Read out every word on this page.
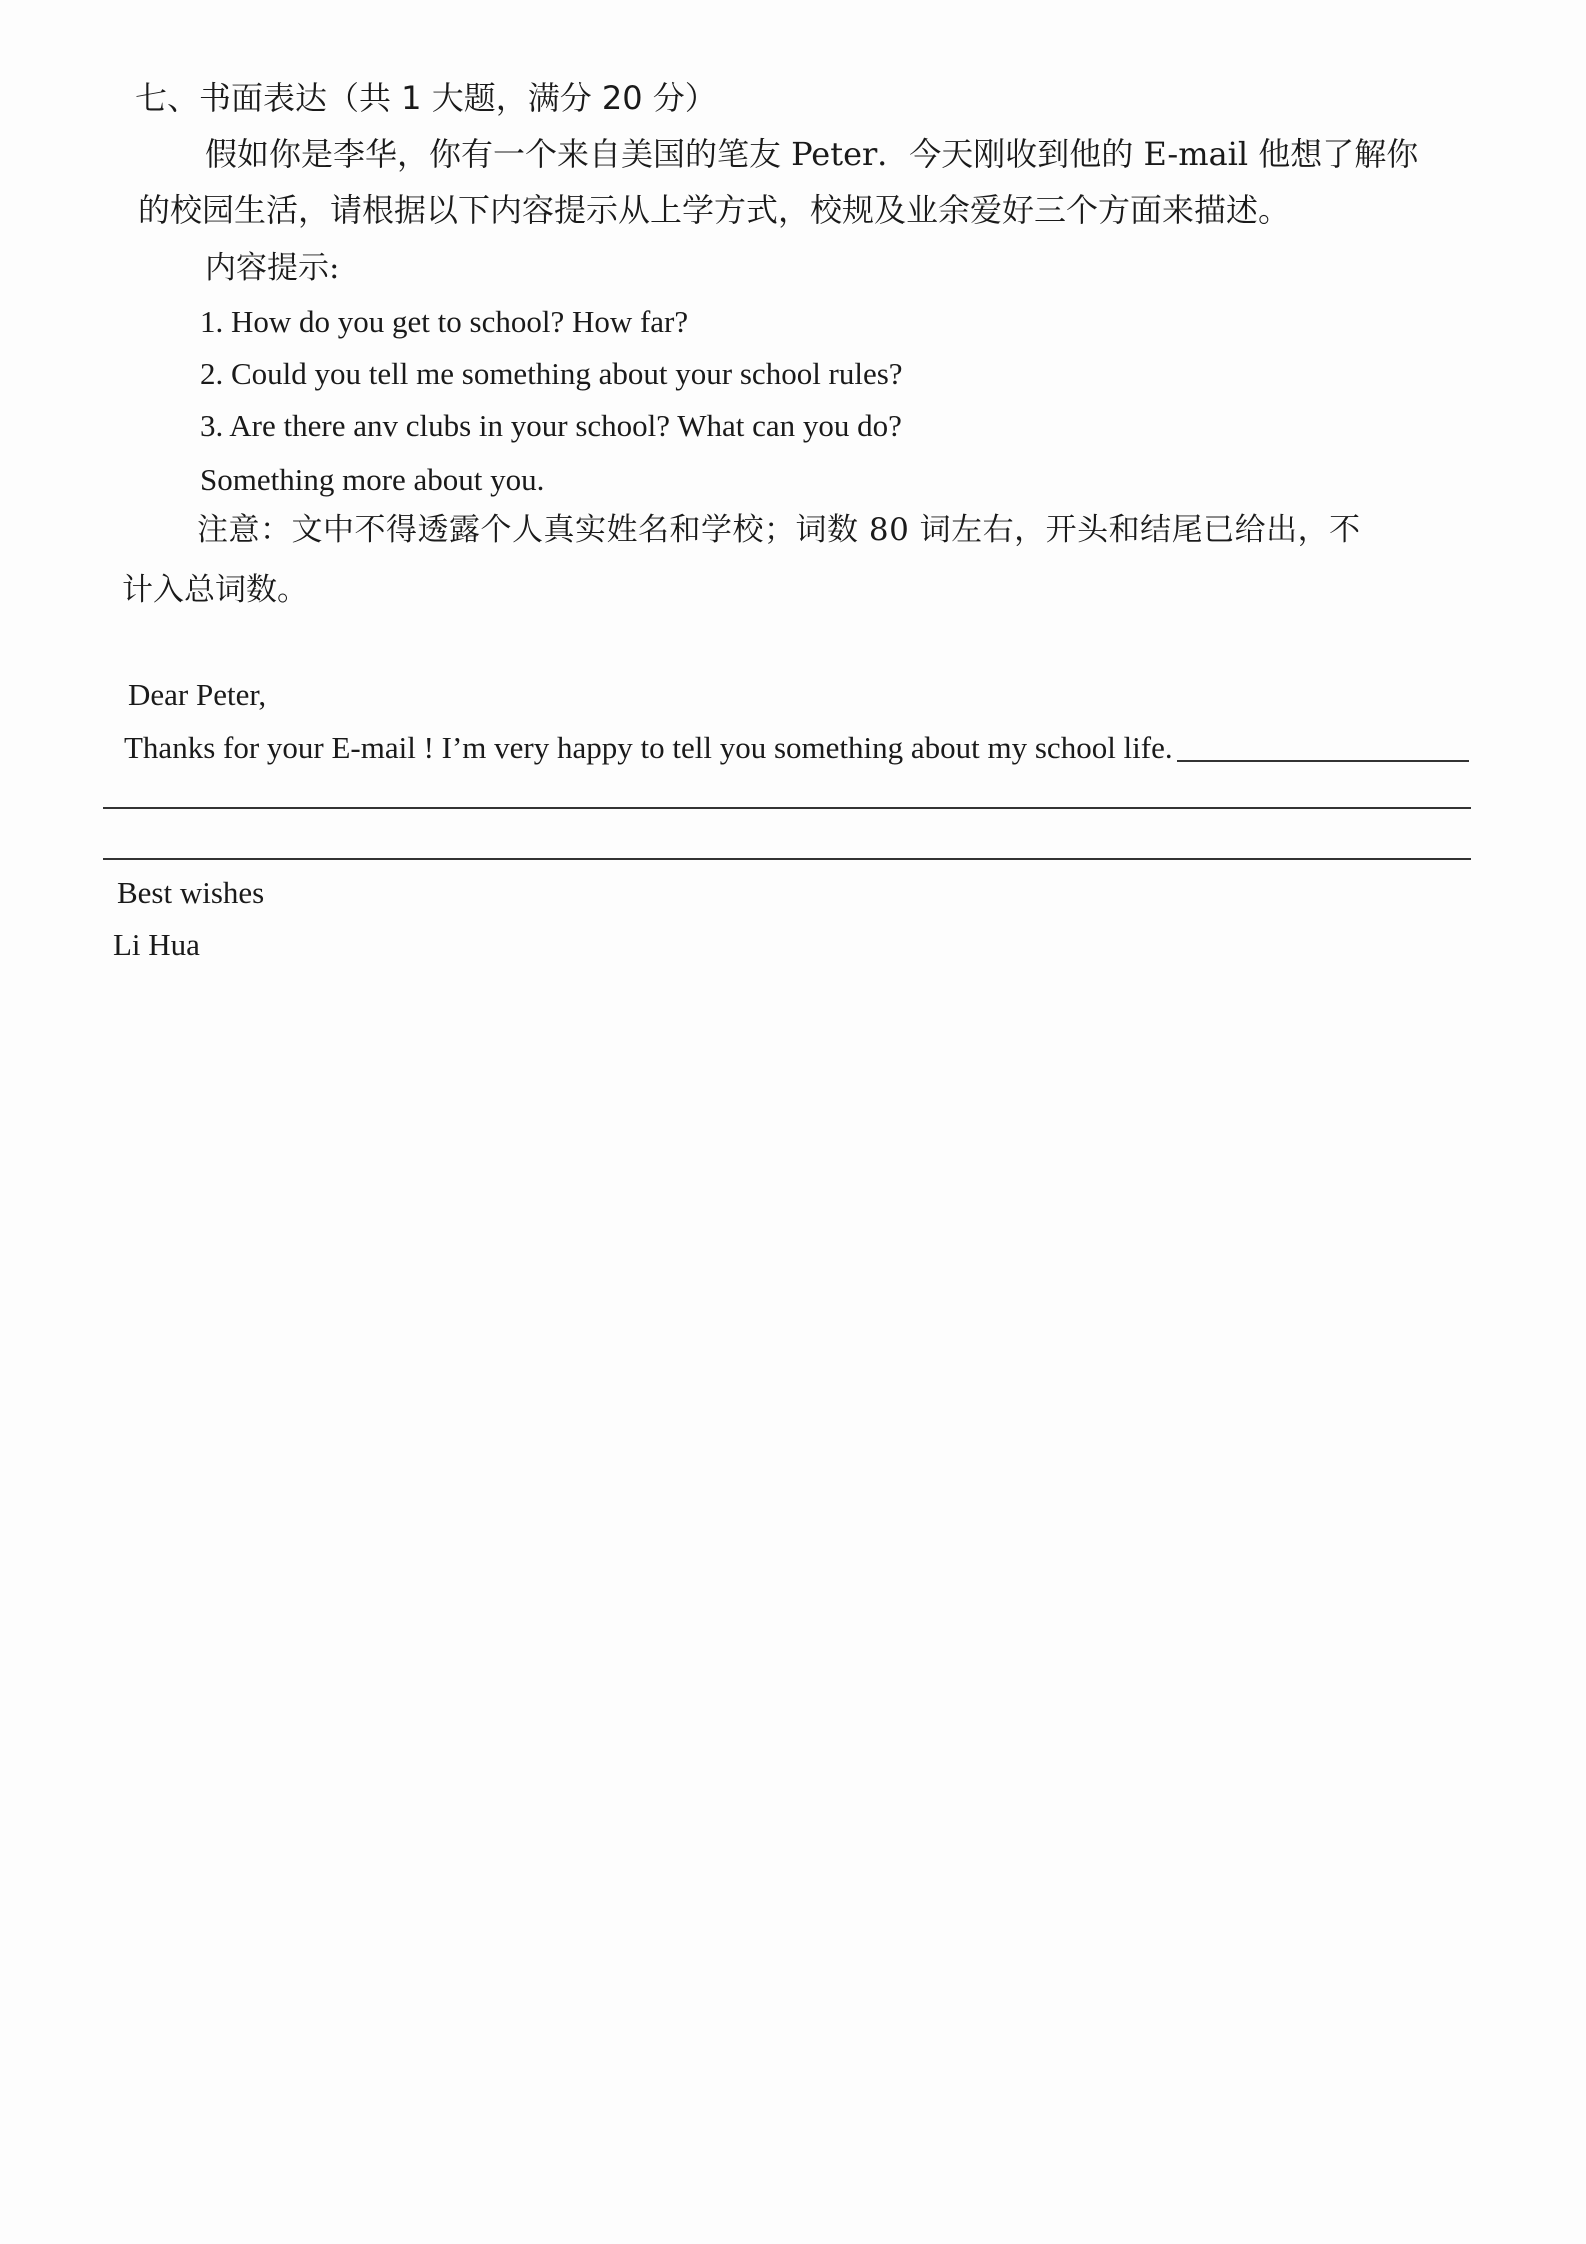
七、书面表达（共 1 大题，满分 20 分）
假如你是李华，你有一个来自美国的笔友 Peter．今天刚收到他的 E-mail 他想了解你
的校园生活，请根据以下内容提示从上学方式，校规及业余爱好三个方面来描述。
内容提示:
1. How do you get to school? How far?
2. Could you tell me something about your school rules?
3. Are there anv clubs in your school? What can you do?
Something more about you.
注意：文中不得透露个人真实姓名和学校；词数 80 词左右，开头和结尾已给出，不
计入总词数。
Dear Peter,
Thanks for your E-mail ! I’m very happy to tell you something about my school life.
Best wishes
Li Hua
